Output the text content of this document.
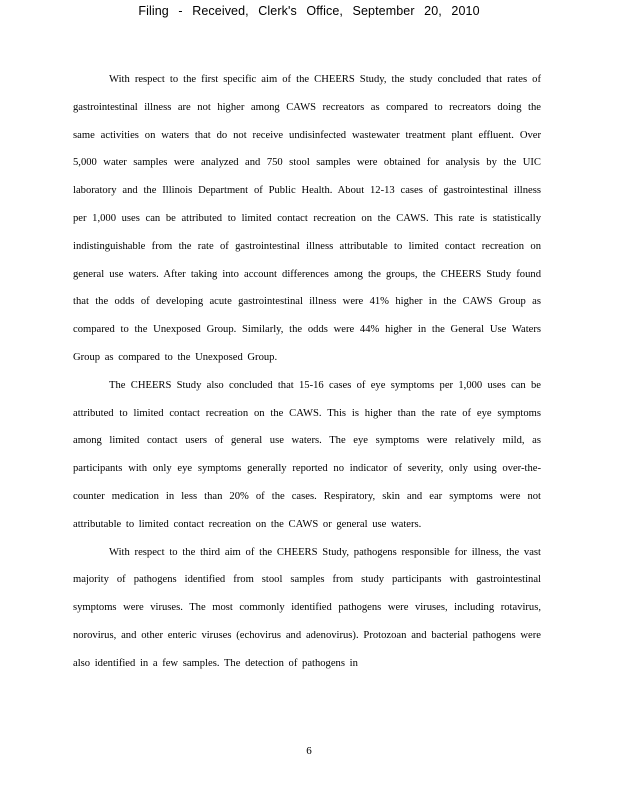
Filing - Received, Clerk's Office, September 20, 2010

With respect to the first specific aim of the CHEERS Study, the study concluded that rates of gastrointestinal illness are not higher among CAWS recreators as compared to recreators doing the same activities on waters that do not receive undisinfected wastewater treatment plant effluent. Over 5,000 water samples were analyzed and 750 stool samples were obtained for analysis by the UIC laboratory and the Illinois Department of Public Health. About 12-13 cases of gastrointestinal illness per 1,000 uses can be attributed to limited contact recreation on the CAWS. This rate is statistically indistinguishable from the rate of gastrointestinal illness attributable to limited contact recreation on general use waters. After taking into account differences among the groups, the CHEERS Study found that the odds of developing acute gastrointestinal illness were 41% higher in the CAWS Group as compared to the Unexposed Group. Similarly, the odds were 44% higher in the General Use Waters Group as compared to the Unexposed Group.

The CHEERS Study also concluded that 15-16 cases of eye symptoms per 1,000 uses can be attributed to limited contact recreation on the CAWS. This is higher than the rate of eye symptoms among limited contact users of general use waters. The eye symptoms were relatively mild, as participants with only eye symptoms generally reported no indicator of severity, only using over-the-counter medication in less than 20% of the cases. Respiratory, skin and ear symptoms were not attributable to limited contact recreation on the CAWS or general use waters.

With respect to the third aim of the CHEERS Study, pathogens responsible for illness, the vast majority of pathogens identified from stool samples from study participants with gastrointestinal symptoms were viruses. The most commonly identified pathogens were viruses, including rotavirus, norovirus, and other enteric viruses (echovirus and adenovirus). Protozoan and bacterial pathogens were also identified in a few samples. The detection of pathogens in

6
